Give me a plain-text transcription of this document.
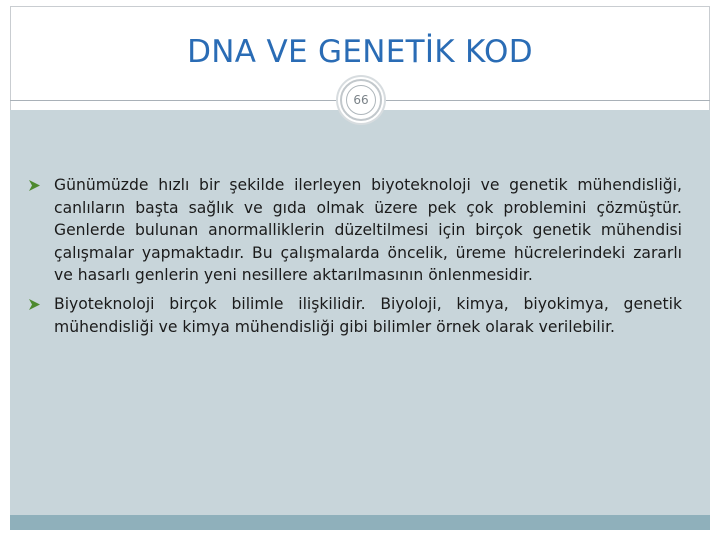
DNA VE GENETİK KOD
66
Günümüzde hızlı bir şekilde ilerleyen biyoteknoloji ve genetik mühendisliği, canlıların başta sağlık ve gıda olmak üzere pek çok problemini çözmüştür. Genlerde bulunan anormalliklerin düzeltilmesi için birçok genetik mühendisi çalışmalar yapmaktadır. Bu çalışmalarda öncelik, üreme hücrelerindeki zararlı ve hasarlı genlerin yeni nesillere aktarılmasının önlenmesidir.
Biyoteknoloji birçok bilimle ilişkilidir. Biyoloji, kimya, biyokimya, genetik mühendisliği ve kimya mühendisliği gibi bilimler örnek olarak verilebilir.
